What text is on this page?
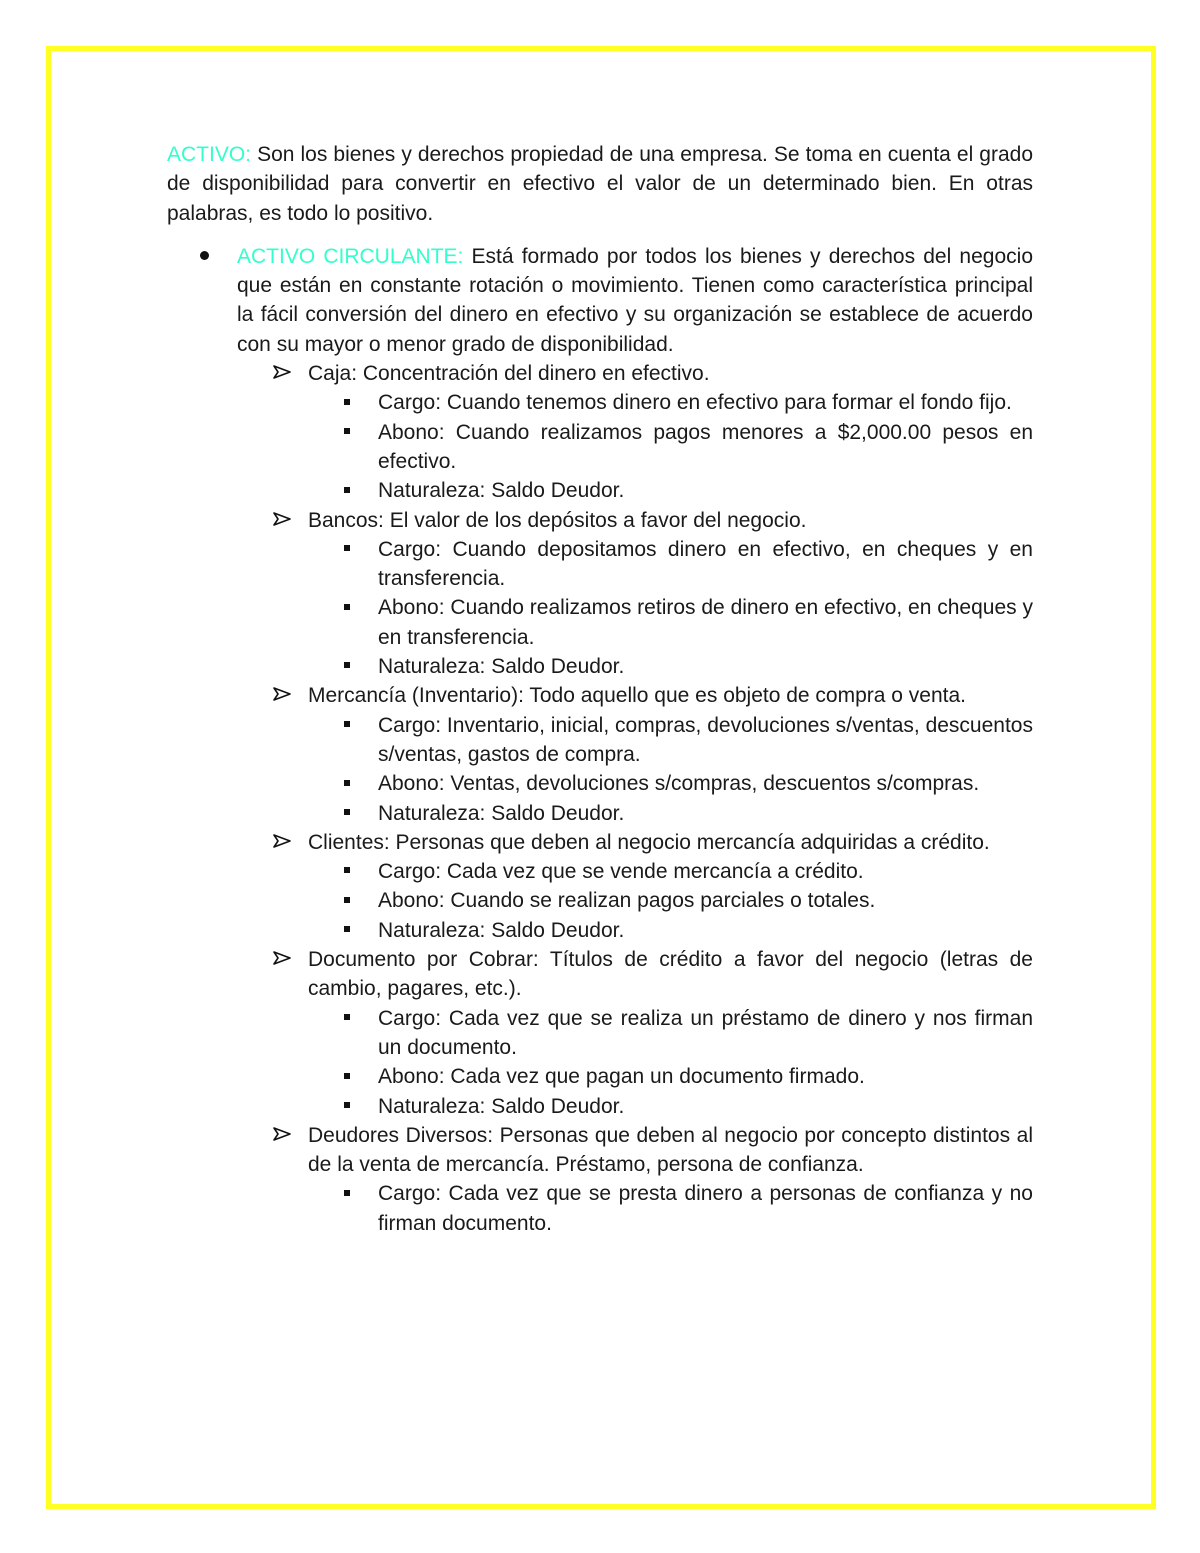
ACTIVO: Son los bienes y derechos propiedad de una empresa. Se toma en cuenta el grado de disponibilidad para convertir en efectivo el valor de un determinado bien. En otras palabras, es todo lo positivo.

ACTIVO CIRCULANTE: Está formado por todos los bienes y derechos del negocio que están en constante rotación o movimiento. Tienen como característica principal la fácil conversión del dinero en efectivo y su organización se establece de acuerdo con su mayor o menor grado de disponibilidad.

Caja: Concentración del dinero en efectivo.

Cargo: Cuando tenemos dinero en efectivo para formar el fondo fijo.

Abono: Cuando realizamos pagos menores a $2,000.00 pesos en efectivo.

Naturaleza: Saldo Deudor.

Bancos: El valor de los depósitos a favor del negocio.

Cargo: Cuando depositamos dinero en efectivo, en cheques y en transferencia.

Abono: Cuando realizamos retiros de dinero en efectivo, en cheques y en transferencia.

Naturaleza: Saldo Deudor.

Mercancía (Inventario): Todo aquello que es objeto de compra o venta.

Cargo: Inventario, inicial, compras, devoluciones s/ventas, descuentos s/ventas, gastos de compra.

Abono: Ventas, devoluciones s/compras, descuentos s/compras.

Naturaleza: Saldo Deudor.

Clientes: Personas que deben al negocio mercancía adquiridas a crédito.

Cargo: Cada vez que se vende mercancía a crédito.

Abono: Cuando se realizan pagos parciales o totales.

Naturaleza: Saldo Deudor.

Documento por Cobrar: Títulos de crédito a favor del negocio (letras de cambio, pagares, etc.).

Cargo: Cada vez que se realiza un préstamo de dinero y nos firman un documento.

Abono: Cada vez que pagan un documento firmado.

Naturaleza: Saldo Deudor.

Deudores Diversos: Personas que deben al negocio por concepto distintos al de la venta de mercancía. Préstamo, persona de confianza.

Cargo: Cada vez que se presta dinero a personas de confianza y no firman documento.
